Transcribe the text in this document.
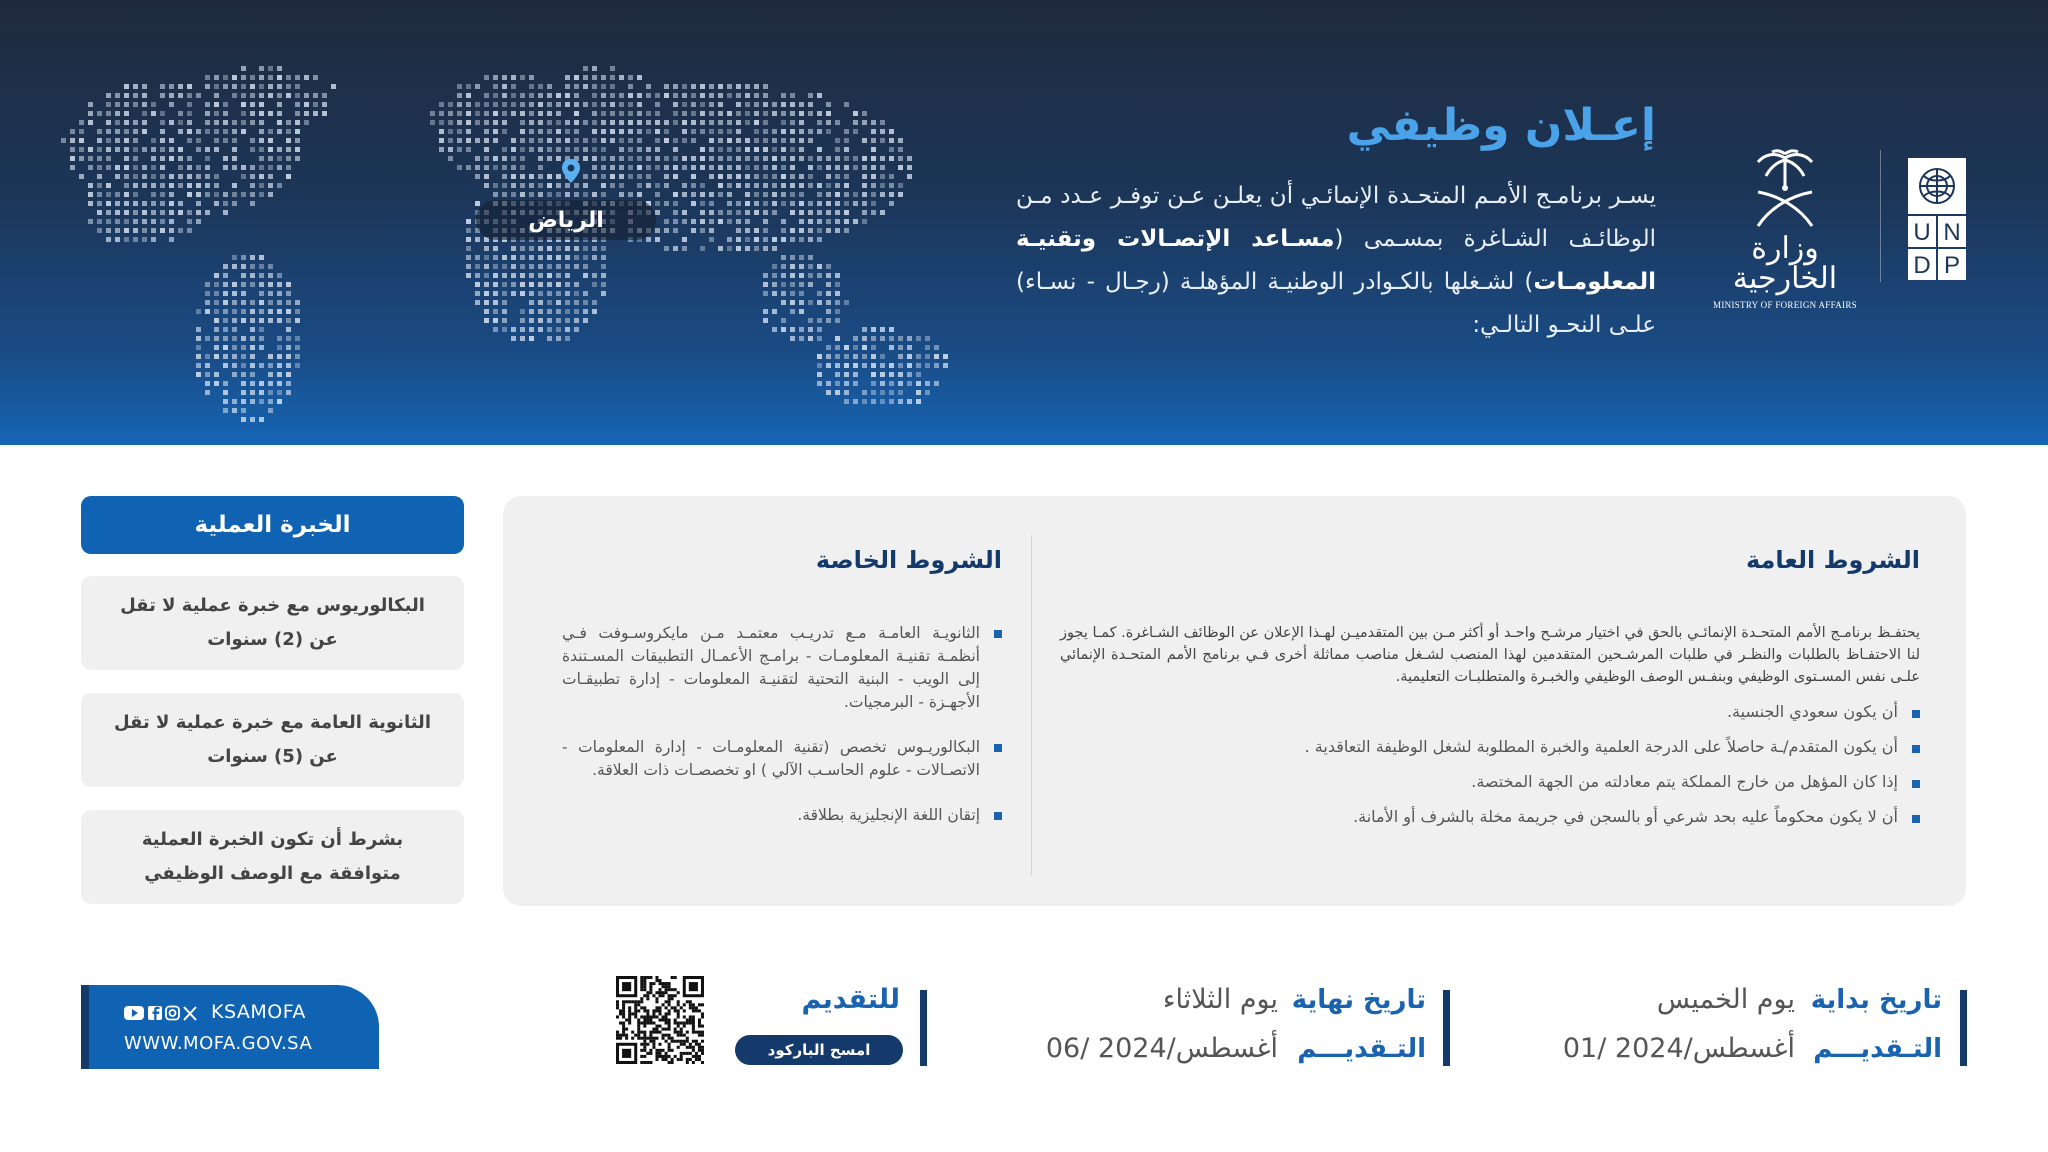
الرياض
إعـلان وظيفي
يسـر برنامـج الأمـم المتحـدة الإنمائـي أن يعلـن عـن توفـر عـدد مـن الوظائـف الشـاغرة بمسـمى (مسـاعد الإتصـالات وتقنيـة المعلومـات) لشـغلها بالكـوادر الوطنيـة المؤهلـة (رجـال - نسـاء) علـى النحـو التالـي:
وزارة الخارجية
MINISTRY OF FOREIGN AFFAIRS
U N
D P
الشروط العامة
يحتفـظ برنامـج الأمم المتحـدة الإنمائـي بالحق في اختيار مرشـح واحـد أو أكثر مـن بين المتقدميـن لهـذا الإعلان عن الوظائف الشـاغرة. كمـا يجوز لنا الاحتفـاظ بالطلبات والنظـر في طلبات المرشـحين المتقدمين لهذا المنصب لشـغل مناصب مماثلة أخرى فـي برنامج الأمم المتحـدة الإنمائي علـى نفس المسـتوى الوظيفي وبنفـس الوصف الوظيفي والخبـرة والمتطلبـات التعليمية.
أن يكون سعودي الجنسية.
أن يكون المتقدم/ـة حاصلاً على الدرجة العلمية والخبرة المطلوبة لشغل الوظيفة التعاقدية .
إذا كان المؤهل من خارج المملكة يتم معادلته من الجهة المختصة.
أن لا يكون محكوماً عليه بحد شرعي أو بالسجن في جريمة مخلة بالشرف أو الأمانة.
الشروط الخاصة
الثانويـة العامـة مـع تدريـب معتمـد مـن مايكروسـوفت فـي أنظمـة تقنيـة المعلومـات - برامـج الأعمـال التطبيقات المسـتندة إلى الويب - البنية التحتية لتقنيـة المعلومات - إدارة تطبيقـات الأجهـزة - البرمجيات.
البكالوريـوس تخصص (تقنية المعلومـات - إدارة المعلومات - الاتصـالات - علوم الحاسـب الآلي ) او تخصصـات ذات العلاقة.
إتقان اللغة الإنجليزية بطلاقة.
الخبرة العملية
البكالوريوس مع خبرة عملية لا تقل عن (2) سنوات
الثانوية العامة مع خبرة عملية لا تقل عن (5) سنوات
بشرط أن تكون الخبرة العملية متوافقة مع الوصف الوظيفي
تاريخ بداية
التـقديـــم
يوم الخميس
01/ أغسطس/2024
تاريخ نهاية
التـقديـــم
يوم الثلاثاء
06/ أغسطس/2024
للتقديم
امسح الباركود
KSAMOFA
WWW.MOFA.GOV.SA
